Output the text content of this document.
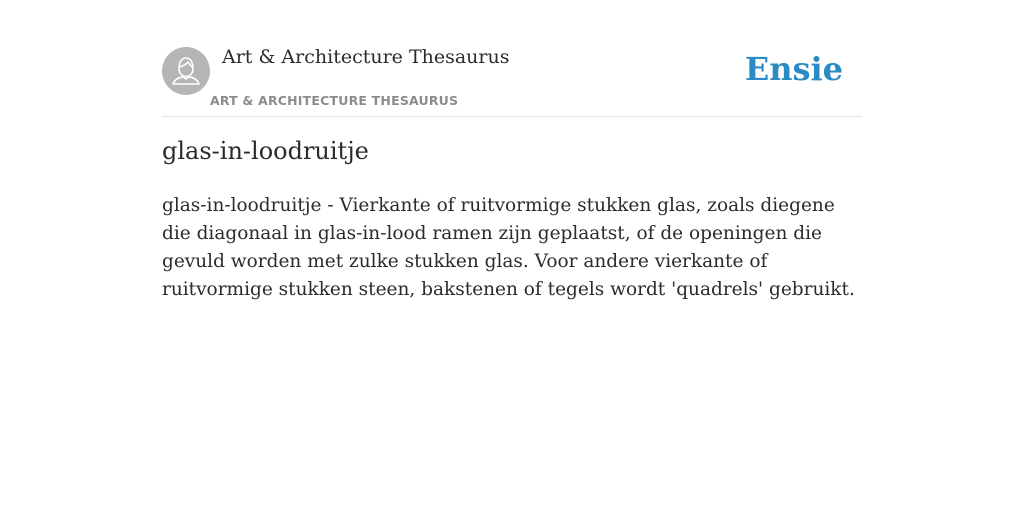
Art & Architecture Thesaurus
ART & ARCHITECTURE THESAURUS
Ensie
glas-in-loodruitje

glas-in-loodruitje - Vierkante of ruitvormige stukken glas, zoals diegene die diagonaal in glas-in-lood ramen zijn geplaatst, of de openingen die gevuld worden met zulke stukken glas. Voor andere vierkante of ruitvormige stukken steen, bakstenen of tegels wordt 'quadrels' gebruikt.
